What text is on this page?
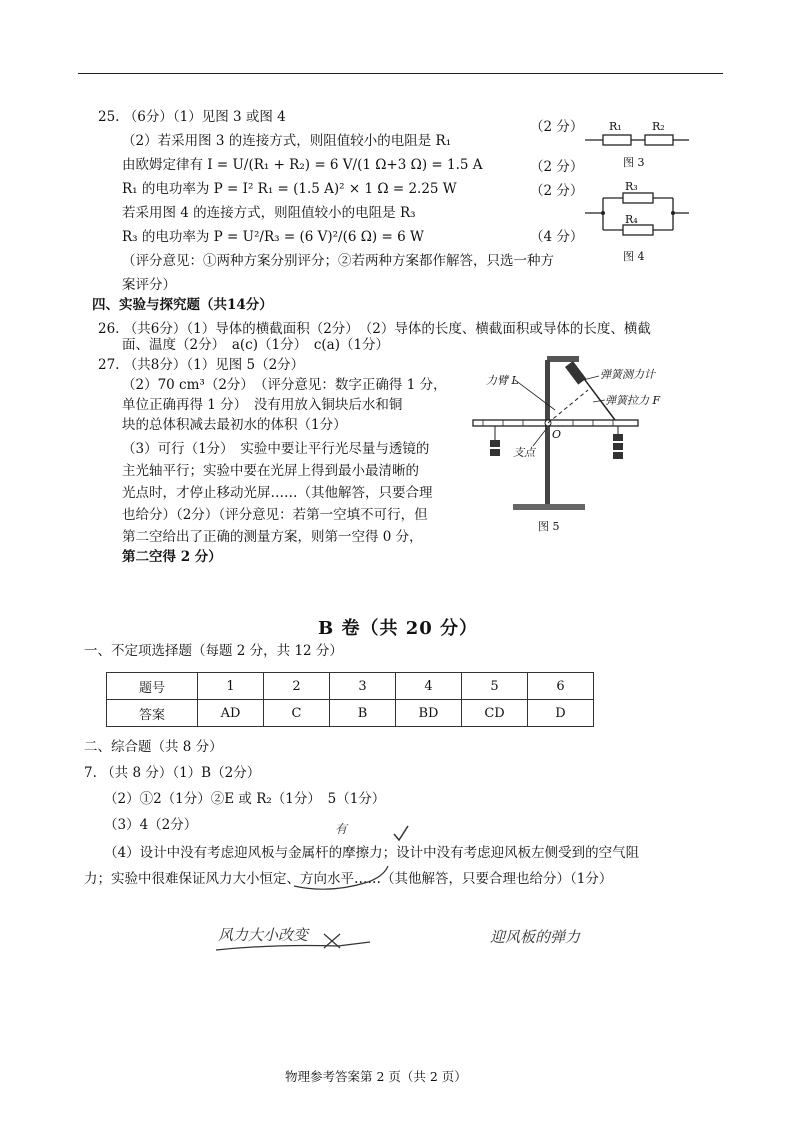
25. （6分）（1）见图 3 或图 4
（2）若采用图 3 的连接方式，则阻值较小的电阻是 R₁
由欧姆定律有 I = U/(R₁ + R₂) = 6 V/(1 Ω+3 Ω) = 1.5 A
R₁ 的电功率为 P = I² R₁ = (1.5 A)² × 1 Ω = 2.25 W
若采用图 4 的连接方式，则阻值较小的电阻是 R₃
R₃ 的电功率为 P = U²/R₃ = (6 V)²/(6 Ω) = 6 W
（评分意见：①两种方案分别评分；②若两种方案都作解答，只选一种方
案评分）
（2 分）
（2 分）
（2 分）
（4 分）
R₁	R₂
图 3
R₃
R₄
图 4
四、实验与探究题（共14分）
26. （共6分）（1）导体的横截面积（2分）　（2）导体的长度、横截面积或导体的长度、横截
面、温度（2分）　a(c)（1分）　c(a)（1分）
27. （共8分）（1）见图 5（2分）
（2）70 cm³（2分）　（评分意见：数字正确得 1 分，
单位正确再得 1 分）　没有用放入铜块后水和铜
块的总体积减去最初水的体积（1分）
（3）可行（1分）　实验中要让平行光尽量与透镜的
主光轴平行；实验中要在光屏上得到最小最清晰的
光点时，才停止移动光屏……（其他解答，只要合理
也给分）（2分）（评分意见：若第一空填不可行，但
第二空给出了正确的测量方案，则第一空得 0 分，
第二空得 2 分）
力臂 L	弹簧测力计
弹簧拉力 F
支点
O
图 5
B 卷（共 20 分）
一、不定项选择题（每题 2 分，共 12 分）
题号	1	2	3	4	5	6
答案	AD	C	B	BD	CD	D
二、综合题（共 8 分）
7. （共 8 分）（1）B（2分）
（2）①2（1分）②E 或 R₂（1分）　5（1分）
（3）4（2分）
（4）设计中没有考虑迎风板与金属杆的摩擦力；设计中没有考虑迎风板左侧受到的空气阻
力；实验中很难保证风力大小恒定、方向水平……（其他解答，只要合理也给分）（1分）
有
风力大小改变	迎风板的弹力
物理参考答案第 2 页（共 2 页）
